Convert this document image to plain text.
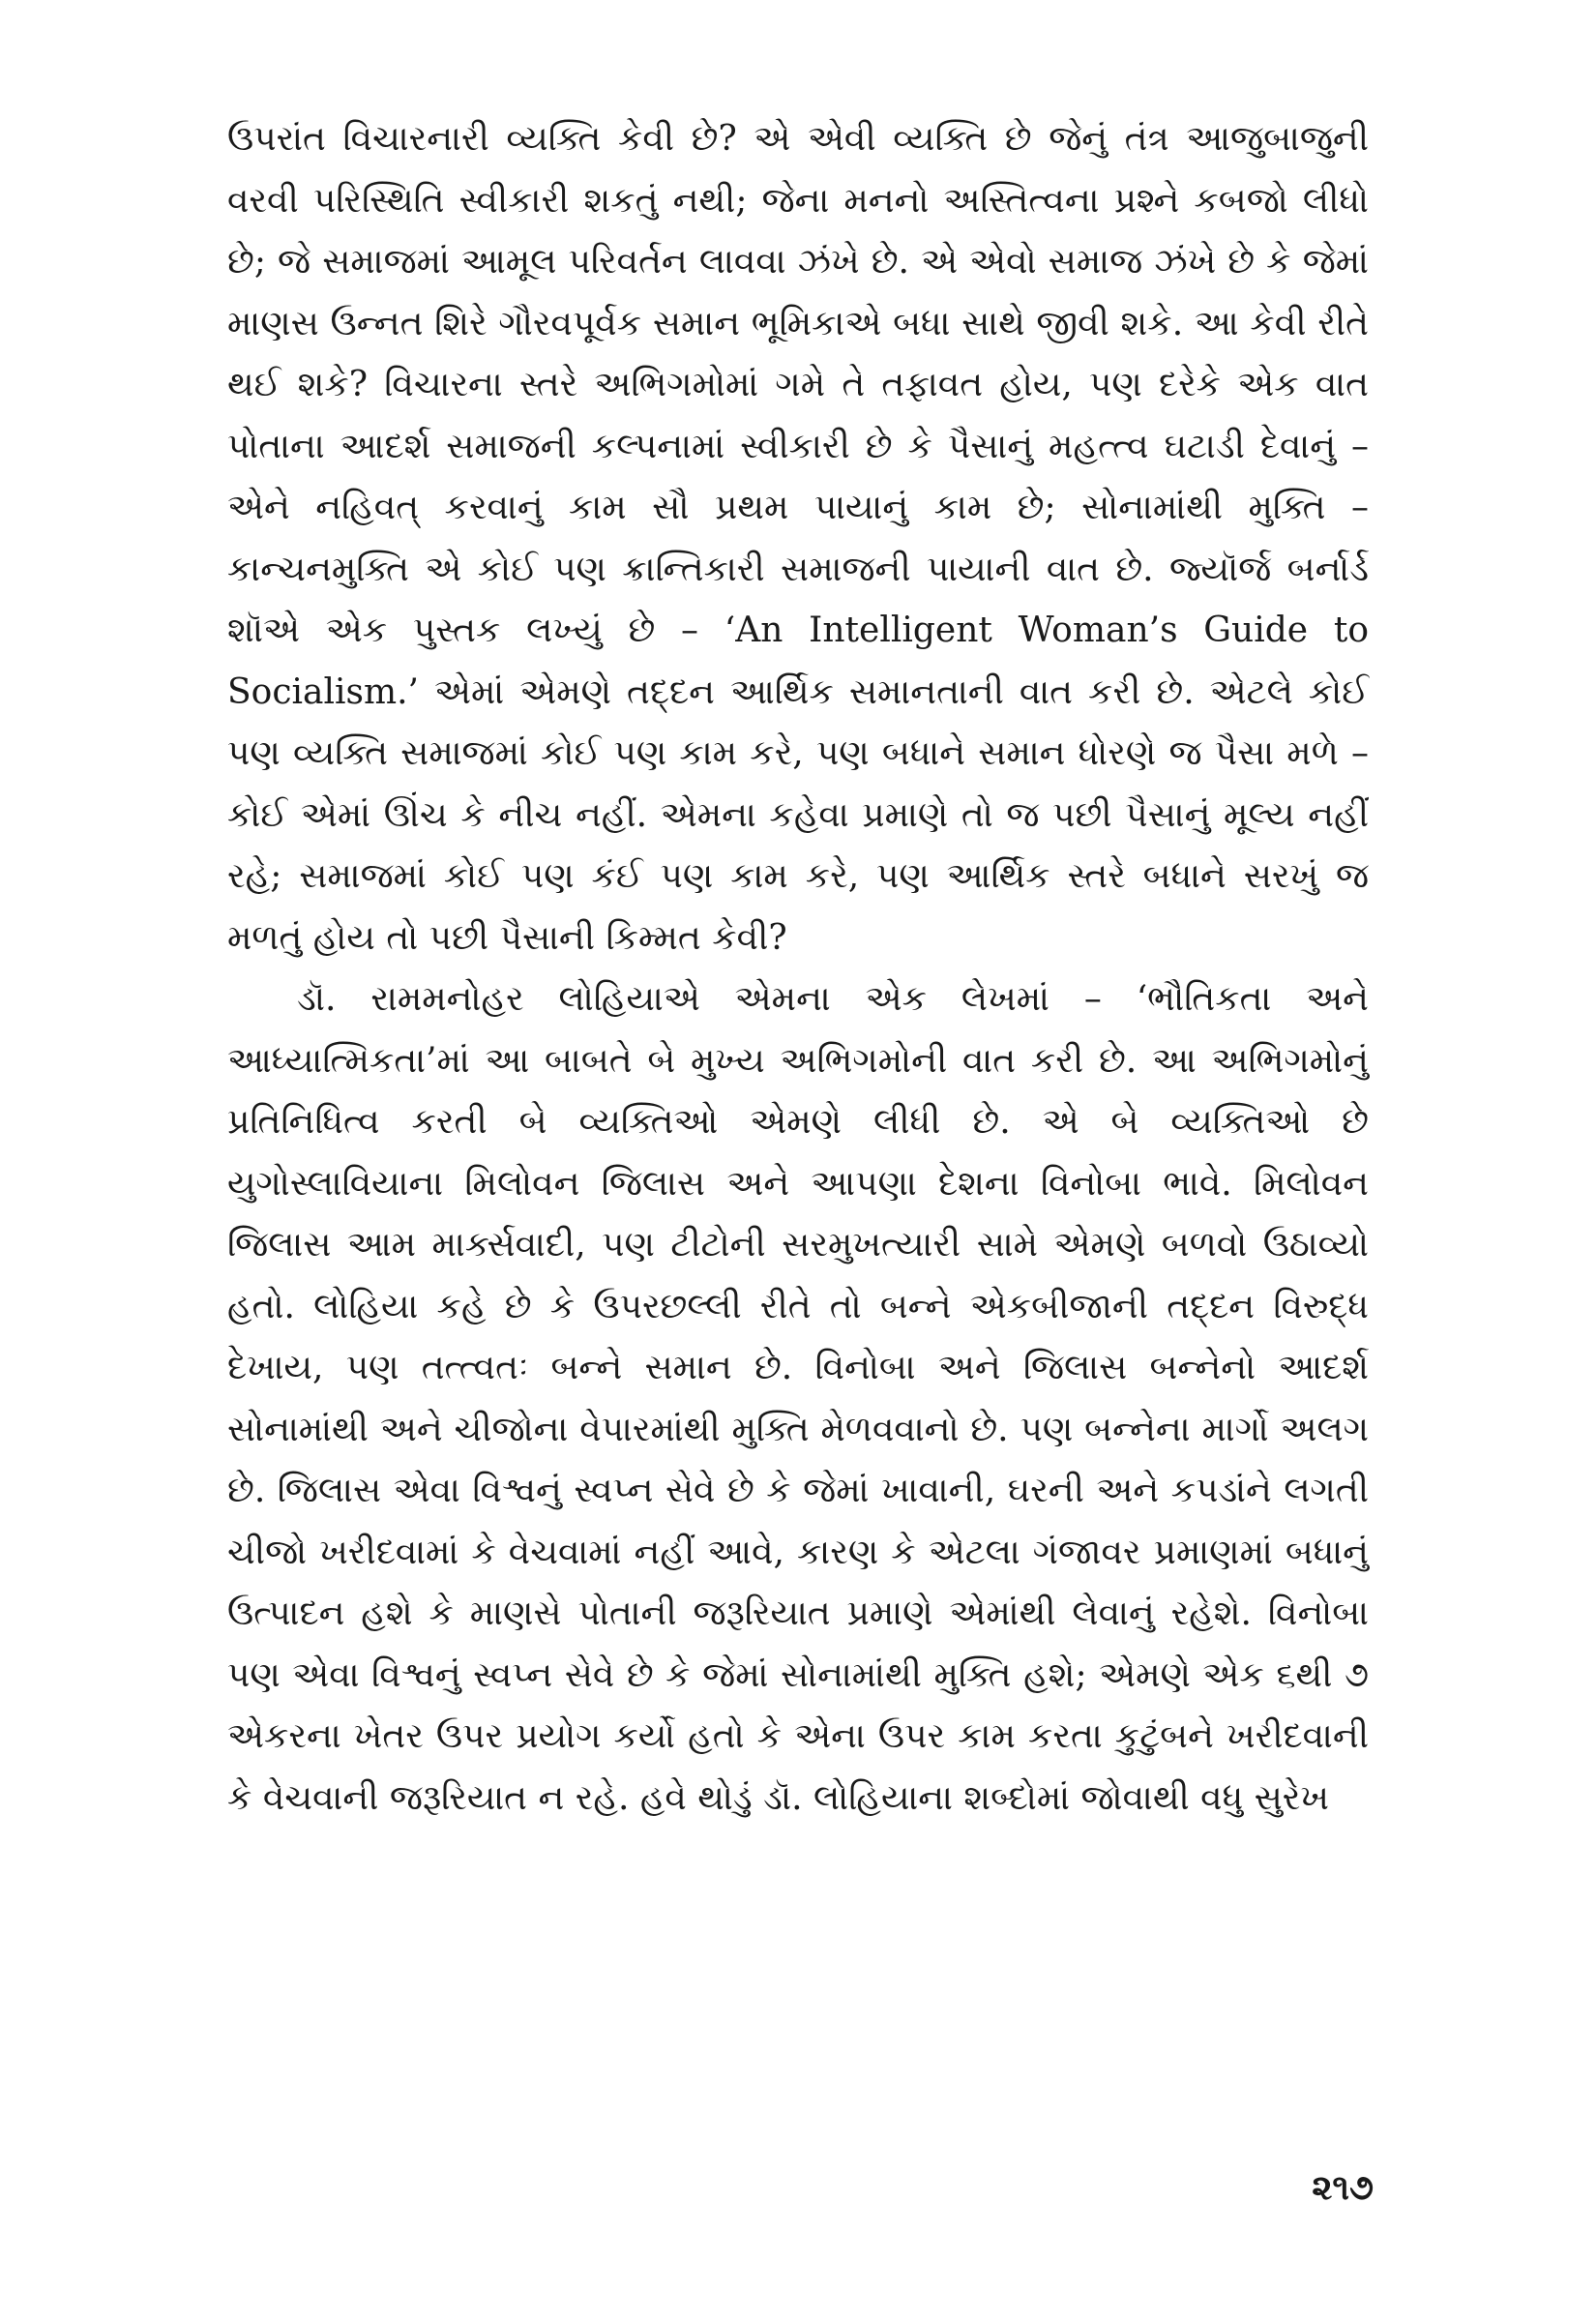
ઉપરાંત વિચારનારી વ્યક્તિ કેવી છે? એ એવી વ્યક્તિ છે જેનું તંત્ર આજુબાજુની વરવી પરિસ્થિતિ સ્વીકારી શકતું નથી; જેના મનનો અસ્તિત્વના પ્રશ્ને કબજો લીધો છે; જે સમાજમાં આમૂલ પરિવર્તન લાવવા ઝંખે છે. એ એવો સમાજ ઝંખે છે કે જેમાં માણસ ઉન્નત શિરે ગૌરવપૂર્વક સમાન ભૂમિકાએ બધા સાથે જીવી શકે. આ કેવી રીતે થઈ શકે? વિચારના સ્તરે અભિગમોમાં ગમે તે તફાવત હોય, પણ દરેકે એક વાત પોતાના આદર્શ સમાજની કલ્પનામાં સ્વીકારી છે કે પૈસાનું મહત્ત્વ ઘટાડી દેવાનું – એને નહિવત્ કરવાનું કામ સૌ પ્રથમ પાયાનું કામ છે; સોનામાંથી મુક્તિ – કાન્ચનમુક્તિ એ કોઈ પણ ક્રાન્તિકારી સમાજની પાયાની વાત છે. જ્યૉર્જ બર્નાર્ડ શૉએ એક પુસ્તક લખ્યું છે – ‘An Intelligent Woman’s Guide to Socialism.’ એમાં એમણે તદ્દન આર્થિક સમાનતાની વાત કરી છે. એટલે કોઈ પણ વ્યક્તિ સમાજમાં કોઈ પણ કામ કરે, પણ બધાને સમાન ધોરણે જ પૈસા મળે – કોઈ એમાં ઊંચ કે નીચ નહીં. એમના કહેવા પ્રમાણે તો જ પછી પૈસાનું મૂલ્ય નહીં રહે; સમાજમાં કોઈ પણ કંઈ પણ કામ કરે, પણ આર્થિક સ્તરે બધાને સરખું જ મળતું હોય તો પછી પૈસાની કિમ્મત કેવી?

ડૉ. રામમનોહર લોહિયાએ એમના એક લેખમાં – ‘ભૌતિકતા અને આધ્યાત્મિકતા’માં આ બાબતે બે મુખ્ય અભિગમોની વાત કરી છે. આ અભિગમોનું પ્રતિનિધિત્વ કરતી બે વ્યક્તિઓ એમણે લીધી છે. એ બે વ્યક્તિઓ છે યુગોસ્લાવિયાના મિલોવન જિલાસ અને આપણા દેશના વિનોબા ભાવે. મિલોવન જિલાસ આમ માર્ક્સવાદી, પણ ટીટોની સરમુખત્યારી સામે એમણે બળવો ઉઠાવ્યો હતો. લોહિયા કહે છે કે ઉપરછલ્લી રીતે તો બન્ને એકબીજાની તદ્દન વિરુદ્ધ દેખાય, પણ તત્ત્વતઃ બન્ને સમાન છે. વિનોબા અને જિલાસ બન્નેનો આદર્શ સોનામાંથી અને ચીજોના વેપારમાંથી મુક્તિ મેળવવાનો છે. પણ બન્નેના માર્ગો અલગ છે. જિલાસ એવા વિશ્વનું સ્વપ્ન સેવે છે કે જેમાં ખાવાની, ઘરની અને કપડાંને લગતી ચીજો ખરીદવામાં કે વેચવામાં નહીં આવે, કારણ કે એટલા ગંજાવર પ્રમાણમાં બધાનું ઉત્પાદન હશે કે માણસે પોતાની જરૂરિયાત પ્રમાણે એમાંથી લેવાનું રહેશે. વિનોબા પણ એવા વિશ્વનું સ્વપ્ન સેવે છે કે જેમાં સોનામાંથી મુક્તિ હશે; એમણે એક ૬થી ૭ એકરના ખેતર ઉપર પ્રયોગ કર્યો હતો કે એના ઉપર કામ કરતા કુટુંબને ખરીદવાની કે વેચવાની જરૂરિયાત ન રહે. હવે થોડું ડૉ. લોહિયાના શબ્દોમાં જોવાથી વધુ સુરેખ

૨૧૭
